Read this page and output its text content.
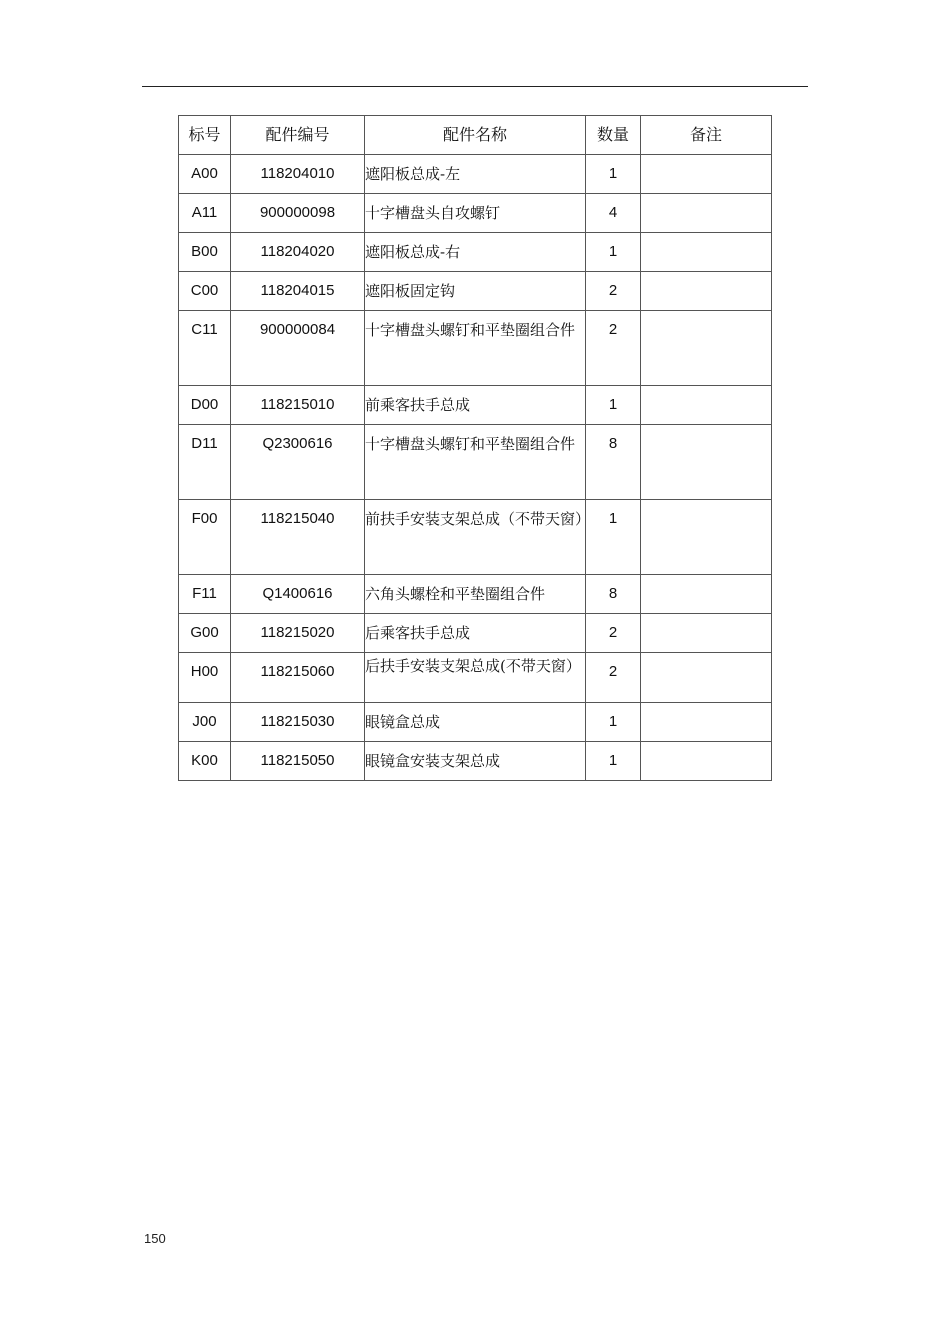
标号	配件编号	配件名称	数量	备注
A00	118204010	遮阳板总成-左	1	
A11	900000098	十字槽盘头自攻螺钉	4	
B00	118204020	遮阳板总成-右	1	
C00	118204015	遮阳板固定钩	2	
C11	900000084	十字槽盘头螺钉和平垫圈组合件	2	
D00	118215010	前乘客扶手总成	1	
D11	Q2300616	十字槽盘头螺钉和平垫圈组合件	8	
F00	118215040	前扶手安装支架总成（不带天窗）	1	
F11	Q1400616	六角头螺栓和平垫圈组合件	8	
G00	118215020	后乘客扶手总成	2	
H00	118215060	后扶手安装支架总成(不带天窗）	2	
J00	118215030	眼镜盒总成	1	
K00	118215050	眼镜盒安装支架总成	1	
150
